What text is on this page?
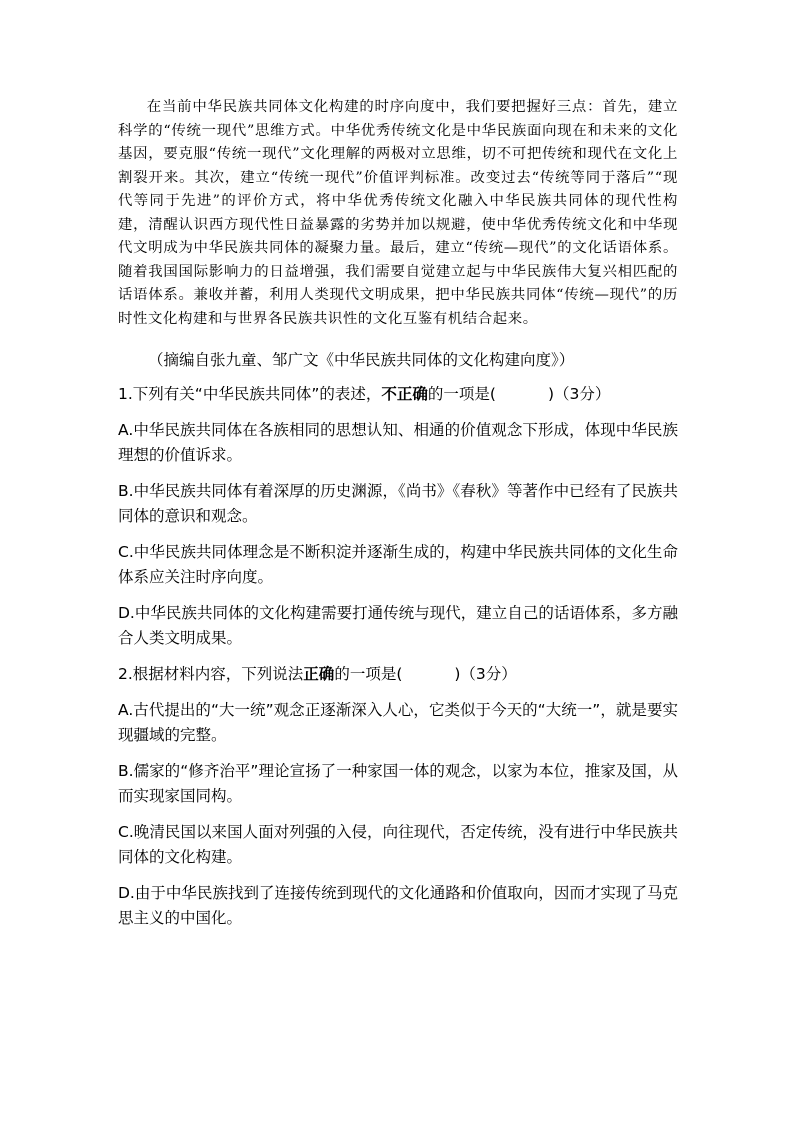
在当前中华民族共同体文化构建的时序向度中，我们要把握好三点：首先，建立科学的“传统一现代”思维方式。中华优秀传统文化是中华民族面向现在和未来的文化基因，要克服“传统一现代”文化理解的两极对立思维，切不可把传统和现代在文化上割裂开来。其次，建立“传统一现代”价值评判标准。改变过去“传统等同于落后”“现代等同于先进”的评价方式，将中华优秀传统文化融入中华民族共同体的现代性构建，清醒认识西方现代性日益暴露的劣势并加以规避，使中华优秀传统文化和中华现代文明成为中华民族共同体的凝聚力量。最后，建立“传统—现代”的文化话语体系。随着我国国际影响力的日益增强，我们需要自觉建立起与中华民族伟大复兴相匹配的话语体系。兼收并蓄，利用人类现代文明成果，把中华民族共同体“传统—现代”的历时性文化构建和与世界各民族共识性的文化互鉴有机结合起来。

（摘编自张九童、邹广文《中华民族共同体的文化构建向度》）

1.下列有关“中华民族共同体”的表述，不正确的一项是(	)（3分）

A.中华民族共同体在各族相同的思想认知、相通的价值观念下形成，体现中华民族理想的价值诉求。

B.中华民族共同体有着深厚的历史渊源，《尚书》《春秋》等著作中已经有了民族共同体的意识和观念。

C.中华民族共同体理念是不断积淀并逐渐生成的，构建中华民族共同体的文化生命体系应关注时序向度。

D.中华民族共同体的文化构建需要打通传统与现代，建立自己的话语体系，多方融合人类文明成果。

2.根据材料内容，下列说法正确的一项是(	)（3分）

A.古代提出的“大一统”观念正逐渐深入人心，它类似于今天的“大统一”，就是要实现疆域的完整。

B.儒家的“修齐治平”理论宣扬了一种家国一体的观念，以家为本位，推家及国，从而实现家国同构。

C.晚清民国以来国人面对列强的入侵，向往现代，否定传统，没有进行中华民族共同体的文化构建。

D.由于中华民族找到了连接传统到现代的文化通路和价值取向，因而才实现了马克思主义的中国化。
